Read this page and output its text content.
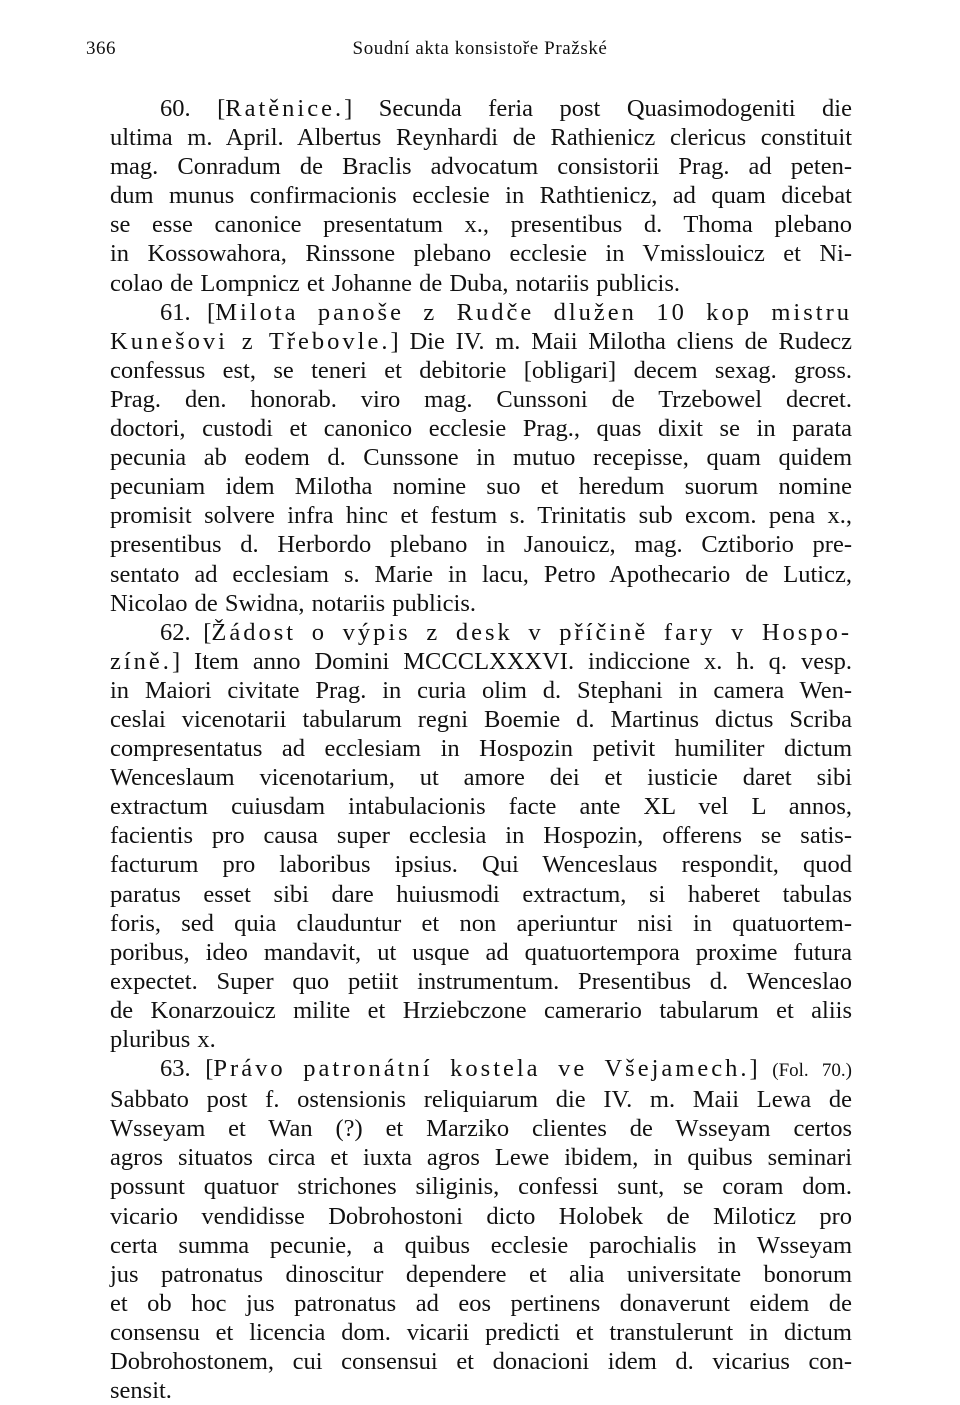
366	Soudní akta konsistoře Pražské
60. [Ratěnice.] Secunda feria post Quasimodogeniti die
ultima m. April. Albertus Reynhardi de Rathienicz clericus constituit
mag. Conradum de Braclis advocatum consistorii Prag. ad peten-
dum munus confirmacionis ecclesie in Rathtienicz, ad quam dicebat
se esse canonice presentatum x., presentibus d. Thoma plebano
in Kossowahora, Rinssone plebano ecclesie in Vmisslouicz et Ni-
colao de Lompnicz et Johanne de Duba, notariis publicis.
61. [Milota panoše z Rudče dlužen 10 kop mistru
Kunešovi z Třebovle.] Die IV. m. Maii Milotha cliens de Rudecz
confessus est, se teneri et debitorie [obligari] decem sexag. gross.
Prag. den. honorab. viro mag. Cunssoni de Trzebowel decret.
doctori, custodi et canonico ecclesie Prag., quas dixit se in parata
pecunia ab eodem d. Cunssone in mutuo recepisse, quam quidem
pecuniam idem Milotha nomine suo et heredum suorum nomine
promisit solvere infra hinc et festum s. Trinitatis sub excom. pena x.,
presentibus d. Herbordo plebano in Janouicz, mag. Cztiborio pre-
sentato ad ecclesiam s. Marie in lacu, Petro Apothecario de Luticz,
Nicolao de Swidna, notariis publicis.
62. [Žádost o výpis z desk v příčině fary v Hospo-
zíně.] Item anno Domini MCCCLXXXVI. indiccione x. h. q. vesp.
in Maiori civitate Prag. in curia olim d. Stephani in camera Wen-
ceslai vicenotarii tabularum regni Boemie d. Martinus dictus Scriba
compresentatus ad ecclesiam in Hospozin petivit humiliter dictum
Wenceslaum vicenotarium, ut amore dei et iusticie daret sibi
extractum cuiusdam intabulacionis facte ante XL vel L annos,
facientis pro causa super ecclesia in Hospozin, offerens se satis-
facturum pro laboribus ipsius. Qui Wenceslaus respondit, quod
paratus esset sibi dare huiusmodi extractum, si haberet tabulas
foris, sed quia clauduntur et non aperiuntur nisi in quatuortem-
poribus, ideo mandavit, ut usque ad quatuortempora proxime futura
expectet. Super quo petiit instrumentum. Presentibus d. Wenceslao
de Konarzouicz milite et Hrziebczone camerario tabularum et aliis
pluribus x.
63. [Právo patronátní kostela ve Všejamech.] (Fol. 70.)
Sabbato post f. ostensionis reliquiarum die IV. m. Maii Lewa de
Wsseyam et Wan (?) et Marziko clientes de Wsseyam certos
agros situatos circa et iuxta agros Lewe ibidem, in quibus seminari
possunt quatuor strichones siliginis, confessi sunt, se coram dom.
vicario vendidisse Dobrohostoni dicto Holobek de Miloticz pro
certa summa pecunie, a quibus ecclesie parochialis in Wsseyam
jus patronatus dinoscitur dependere et alia universitate bonorum
et ob hoc jus patronatus ad eos pertinens donaverunt eidem de
consensu et licencia dom. vicarii predicti et transtulerunt in dictum
Dobrohostonem, cui consensui et donacioni idem d. vicarius con-
sensit.
